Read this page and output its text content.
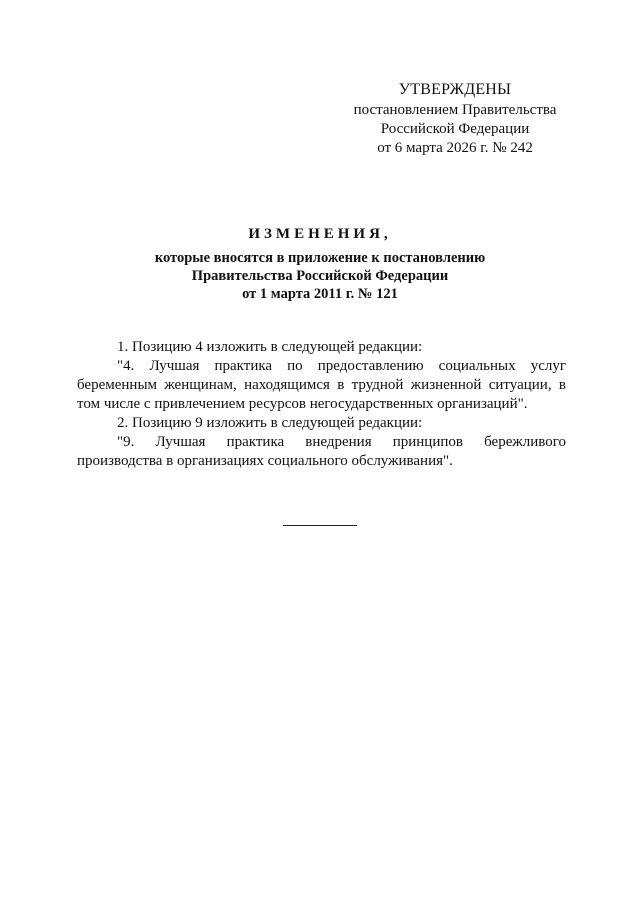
УТВЕРЖДЕНЫ
постановлением Правительства
Российской Федерации
от 6 марта 2026 г. № 242
ИЗМЕНЕНИЯ,
которые вносятся в приложение к постановлению
Правительства Российской Федерации
от 1 марта 2011 г. № 121

1. Позицию 4 изложить в следующей редакции:

"4. Лучшая практика по предоставлению социальных услуг беременным женщинам, находящимся в трудной жизненной ситуации, в том числе с привлечением ресурсов негосударственных организаций".

2. Позицию 9 изложить в следующей редакции:

"9. Лучшая практика внедрения принципов бережливого производства в организациях социального обслуживания".
